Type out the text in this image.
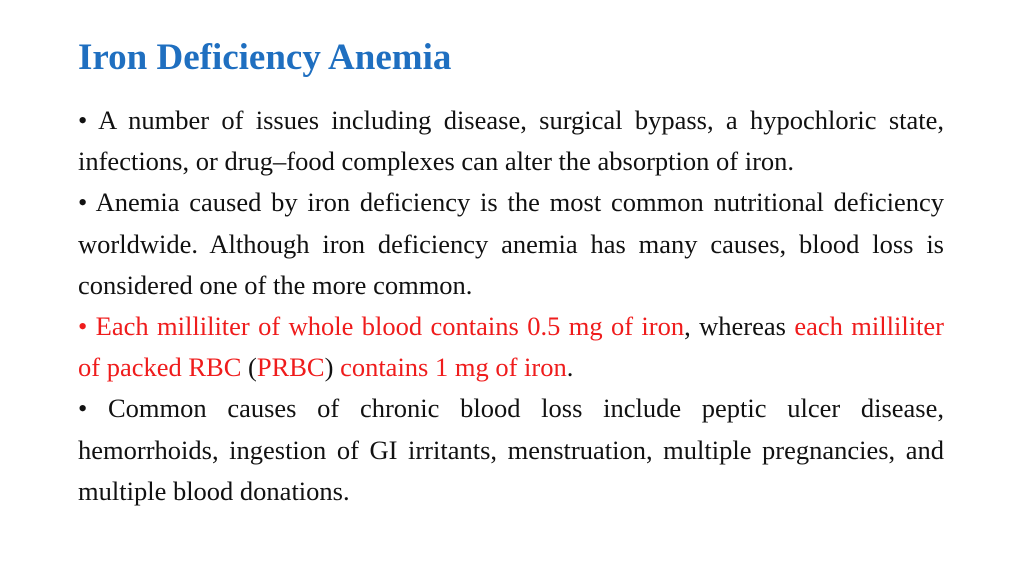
Iron Deficiency Anemia

• A number of issues including disease, surgical bypass, a hypochloric state, infections, or drug–food complexes can alter the absorption of iron.

• Anemia caused by iron deficiency is the most common nutritional deficiency worldwide. Although iron deficiency anemia has many causes, blood loss is considered one of the more common.

• Each milliliter of whole blood contains 0.5 mg of iron, whereas each milliliter of packed RBC (PRBC) contains 1 mg of iron.

• Common causes of chronic blood loss include peptic ulcer disease, hemorrhoids, ingestion of GI irritants, menstruation, multiple pregnancies, and multiple blood donations.
